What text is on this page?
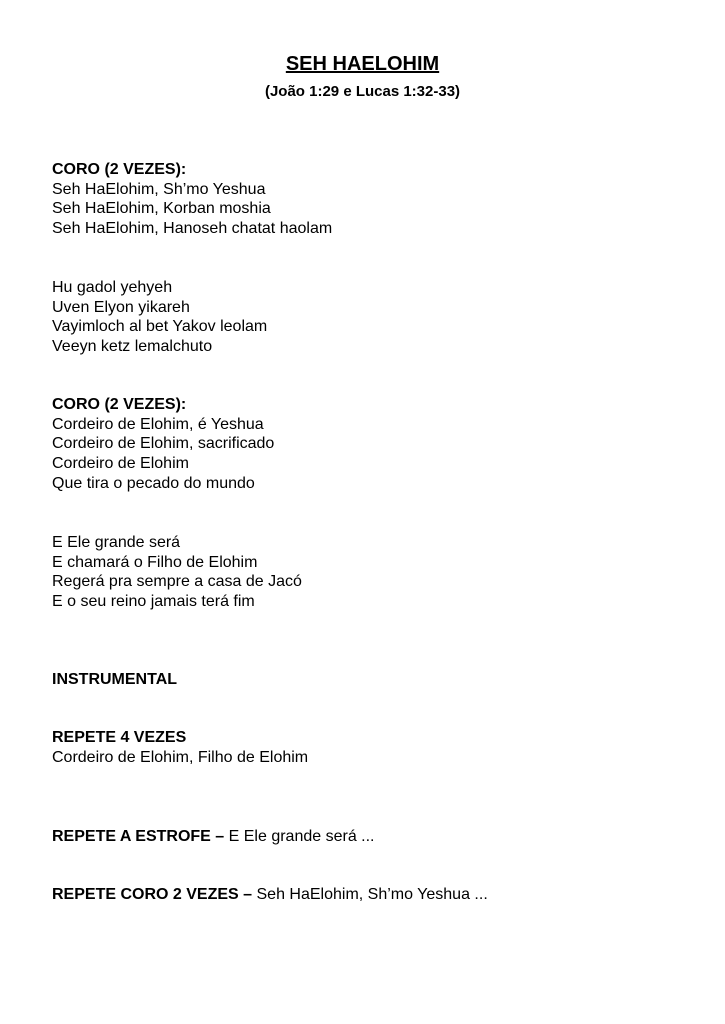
SEH HAELOHIM
(João 1:29 e Lucas 1:32-33)
CORO (2 VEZES):
Seh HaElohim, Sh’mo Yeshua
Seh HaElohim, Korban moshia
Seh HaElohim, Hanoseh chatat haolam
Hu gadol yehyeh
Uven Elyon yikareh
Vayimloch al bet Yakov leolam
Veeyn ketz lemalchuto
CORO (2 VEZES):
Cordeiro de Elohim, é Yeshua
Cordeiro de Elohim, sacrificado
Cordeiro de Elohim
Que tira o pecado do mundo
E Ele grande será
E chamará o Filho de Elohim
Regerá pra sempre a casa de Jacó
E o seu reino jamais terá fim
INSTRUMENTAL
REPETE 4 VEZES
Cordeiro de Elohim, Filho de Elohim
REPETE A ESTROFE – E Ele grande será ...
REPETE CORO 2 VEZES – Seh HaElohim, Sh’mo Yeshua ...
